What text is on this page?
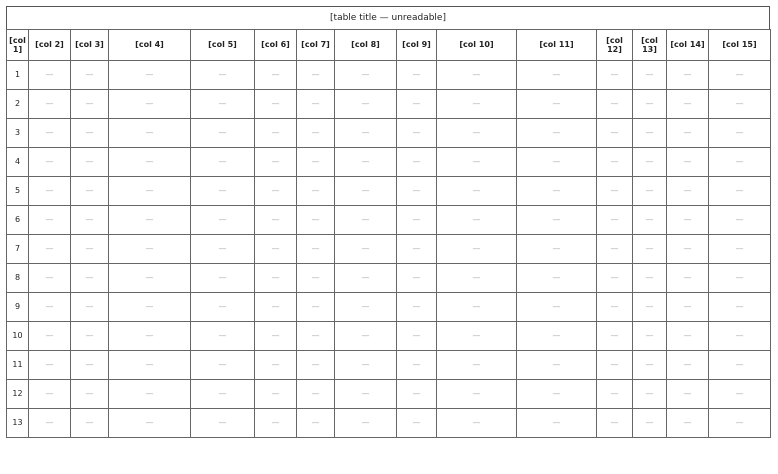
[table title — unreadable]
[col 1]	[col 2]	[col 3]	[col 4]	[col 5]	[col 6]	[col 7]	[col 8]	[col 9]	[col 10]	[col 11]	[col 12]	[col 13]	[col 14]	[col 15]
1	—	—	—	—	—	—	—	—	—	—	—	—	—	—
2	—	—	—	—	—	—	—	—	—	—	—	—	—	—
3	—	—	—	—	—	—	—	—	—	—	—	—	—	—
4	—	—	—	—	—	—	—	—	—	—	—	—	—	—
5	—	—	—	—	—	—	—	—	—	—	—	—	—	—
6	—	—	—	—	—	—	—	—	—	—	—	—	—	—
7	—	—	—	—	—	—	—	—	—	—	—	—	—	—
8	—	—	—	—	—	—	—	—	—	—	—	—	—	—
9	—	—	—	—	—	—	—	—	—	—	—	—	—	—
10	—	—	—	—	—	—	—	—	—	—	—	—	—	—
11	—	—	—	—	—	—	—	—	—	—	—	—	—	—
12	—	—	—	—	—	—	—	—	—	—	—	—	—	—
13	—	—	—	—	—	—	—	—	—	—	—	—	—	—
